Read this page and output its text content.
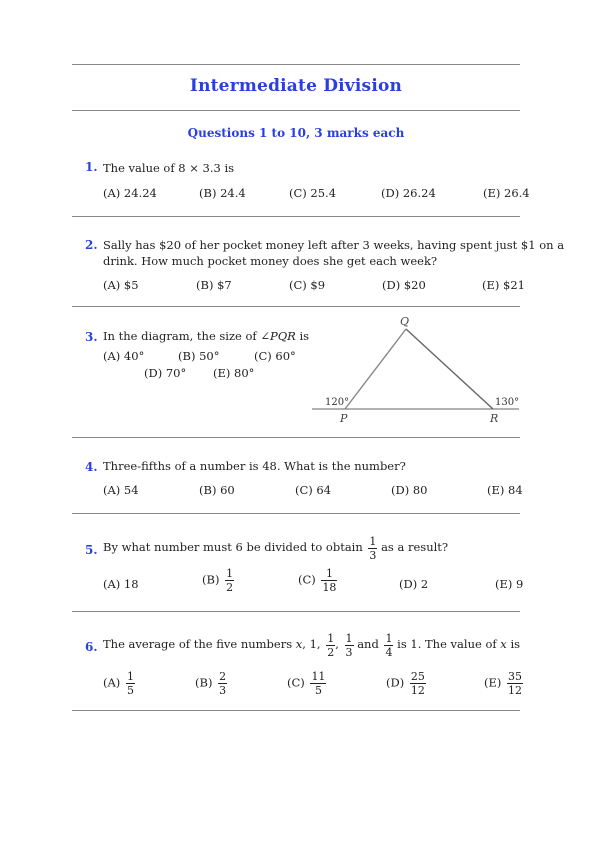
Intermediate Division
Questions 1 to 10, 3 marks each
1. The value of 8 × 3.3 is
(A) 24.24	(B) 24.4	(C) 25.4	(D) 26.24	(E) 26.4
2. Sally has $20 of her pocket money left after 3 weeks, having spent just $1 on a
drink. How much pocket money does she get each week?
(A) $5	(B) $7	(C) $9	(D) $20	(E) $21
3. In the diagram, the size of ∠PQR is
(A) 40°	(B) 50°	(C) 60°
(D) 70° (E) 80°
Q
P	R
120°	130°
4. Three-fifths of a number is 48. What is the number?
(A) 54	(B) 60	(C) 64	(D) 80	(E) 84
5. By what number must 6 be divided to obtain $\frac{1}{3}$ as a result?
(A) 18	$(B) \frac{1}{2}$	$(C) \frac{1}{18}$	(D) 2	(E) 9
6. The average of the five numbers x, 1, $\frac{1}{2}$ , $\frac{1}{3}$ and $\frac{1}{4}$ is 1. The value of x is
$(A) \frac{1}{5}$	$(B) \frac{2}{3}$	$(C) \frac{11}{5}$	$(D) \frac{25}{12}$	$(E) \frac{35}{12}$
